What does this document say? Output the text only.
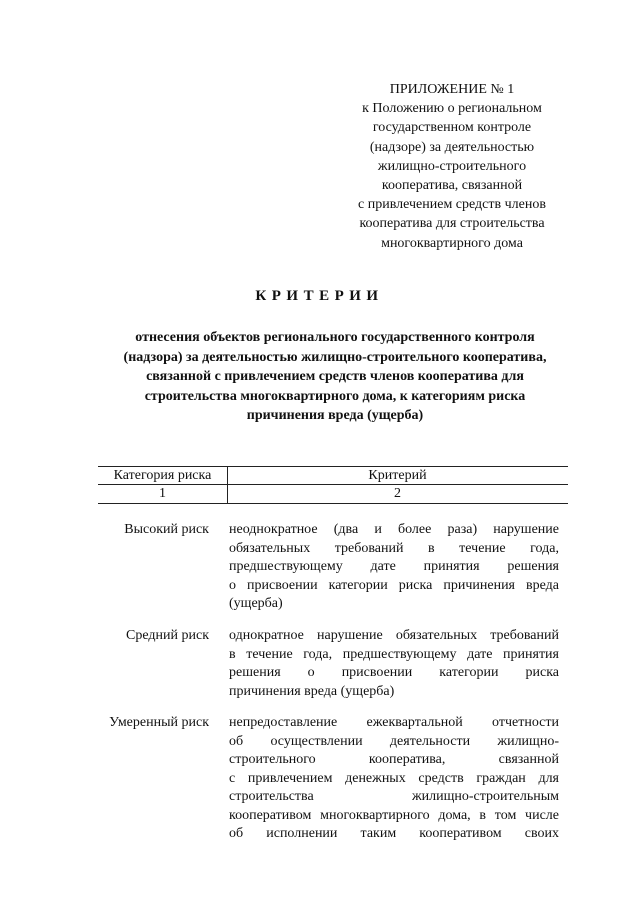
ПРИЛОЖЕНИЕ № 1
к Положению о региональном
государственном контроле
(надзоре) за деятельностью
жилищно-строительного
кооператива, связанной
с привлечением средств членов
кооператива для строительства
многоквартирного дома
КРИТЕРИИ
отнесения объектов регионального государственного контроля
(надзора) за деятельностью жилищно-строительного кооператива,
связанной с привлечением средств членов кооператива для
строительства многоквартирного дома, к категориям риска
причинения вреда (ущерба)
Категория риска	Критерий
1	2
Высокий риск неоднократное (два и более раза) нарушение
обязательных требований в течение года,
предшествующему дате принятия решения
о присвоении категории риска причинения вреда
(ущерба)
Средний риск однократное нарушение обязательных требований
в течение года, предшествующему дате принятия
решения о присвоении категории риска
причинения вреда (ущерба)
Умеренный риск непредоставление ежеквартальной отчетности
об осуществлении деятельности жилищно-
строительного кооператива, связанной
с привлечением денежных средств граждан для
строительства жилищно-строительным
кооперативом многоквартирного дома, в том числе
об исполнении таким кооперативом своих
